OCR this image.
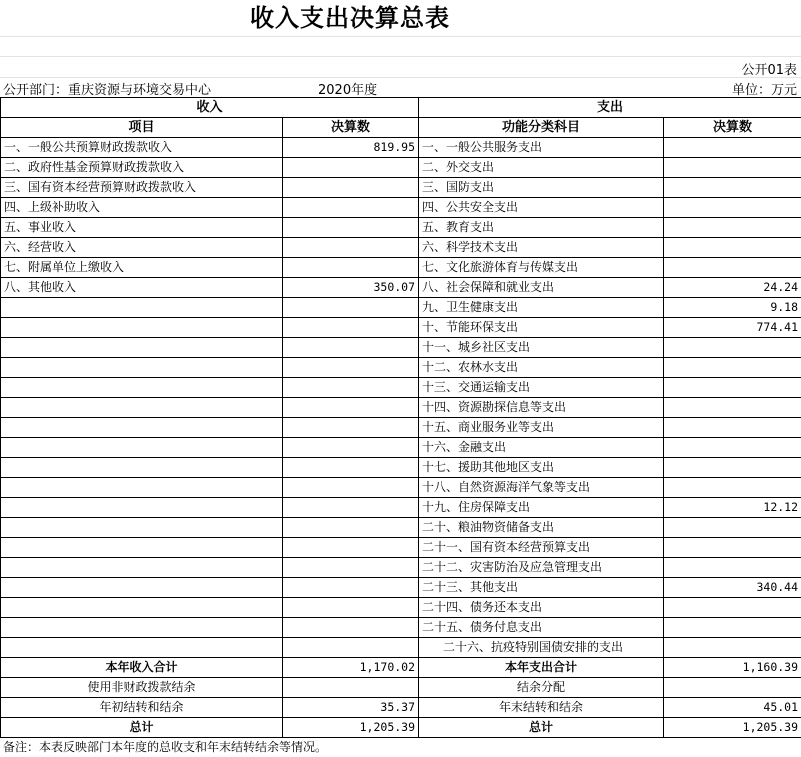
收入支出决算总表
公开01表
公开部门：重庆资源与环境交易中心	2020年度	单位：万元
收入		支出	
项目	决算数	功能分类科目	决算数
一、一般公共预算财政拨款收入	819.95	一、一般公共服务支出	
二、政府性基金预算财政拨款收入		二、外交支出	
三、国有资本经营预算财政拨款收入		三、国防支出	
四、上级补助收入		四、公共安全支出	
五、事业收入		五、教育支出	
六、经营收入		六、科学技术支出	
七、附属单位上缴收入		七、文化旅游体育与传媒支出	
八、其他收入	350.07	八、社会保障和就业支出	24.24
		九、卫生健康支出	9.18
		十、节能环保支出	774.41
		十一、城乡社区支出	
		十二、农林水支出	
		十三、交通运输支出	
		十四、资源勘探信息等支出	
		十五、商业服务业等支出	
		十六、金融支出	
		十七、援助其他地区支出	
		十八、自然资源海洋气象等支出	
		十九、住房保障支出	12.12
		二十、粮油物资储备支出	
		二十一、国有资本经营预算支出	
		二十二、灾害防治及应急管理支出	
		二十三、其他支出	340.44
		二十四、债务还本支出	
		二十五、债务付息支出	
		二十六、抗疫特别国债安排的支出	
本年收入合计	1,170.02	本年支出合计	1,160.39
使用非财政拨款结余		结余分配	
年初结转和结余	35.37	年末结转和结余	45.01
总计	1,205.39	总计	1,205.39
备注：本表反映部门本年度的总收支和年末结转结余等情况。
